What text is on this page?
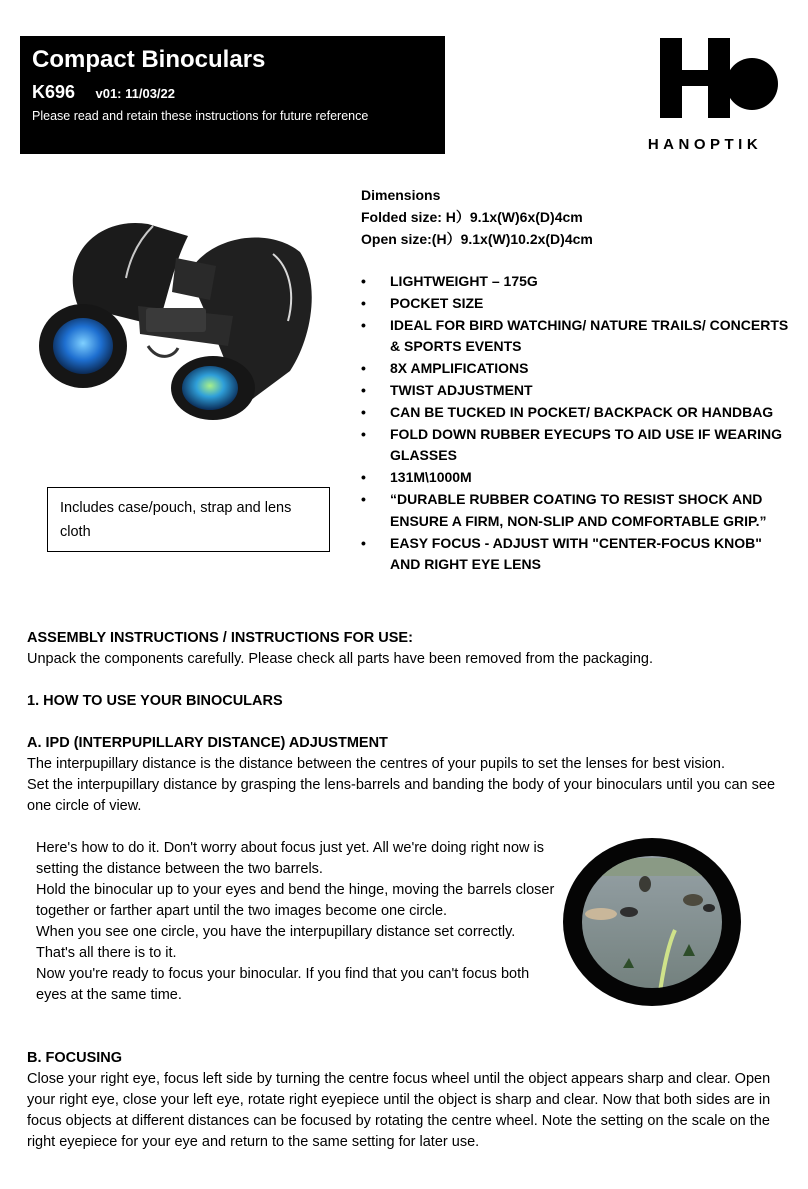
Compact Binoculars
K696 v01: 11/03/22
Please read and retain these instructions for future reference
HANOPTIK
Includes case/pouch, strap and lens cloth
Dimensions
Folded size: H）9.1x(W)6x(D)4cm
Open size:(H）9.1x(W)10.2x(D)4cm
• LIGHTWEIGHT – 175G
• POCKET SIZE
• IDEAL FOR BIRD WATCHING/ NATURE TRAILS/ CONCERTS & SPORTS EVENTS
• 8X AMPLIFICATIONS
• TWIST ADJUSTMENT
• CAN BE TUCKED IN POCKET/ BACKPACK OR HANDBAG
• FOLD DOWN RUBBER EYECUPS TO AID USE IF WEARING GLASSES
• 131M\1000M
• “DURABLE RUBBER COATING TO RESIST SHOCK AND ENSURE A FIRM, NON-SLIP AND COMFORTABLE GRIP.”
• EASY FOCUS - ADJUST WITH "CENTER-FOCUS KNOB" AND RIGHT EYE LENS
ASSEMBLY INSTRUCTIONS / INSTRUCTIONS FOR USE:
Unpack the components carefully. Please check all parts have been removed from the packaging.
1. HOW TO USE YOUR BINOCULARS
A. IPD (INTERPUPILLARY DISTANCE) ADJUSTMENT
The interpupillary distance is the distance between the centres of your pupils to set the lenses for best vision.
Set the interpupillary distance by grasping the lens-barrels and banding the body of your binoculars until you can see one circle of view.
Here's how to do it. Don't worry about focus just yet. All we're doing right now is setting the distance between the two barrels.
Hold the binocular up to your eyes and bend the hinge, moving the barrels closer together or farther apart until the two images become one circle.
When you see one circle, you have the interpupillary distance set correctly. That's all there is to it.
Now you're ready to focus your binocular. If you find that you can't focus both eyes at the same time.
B. FOCUSING
Close your right eye, focus left side by turning the centre focus wheel until the object appears sharp and clear. Open your right eye, close your left eye, rotate right eyepiece until the object is sharp and clear. Now that both sides are in focus objects at different distances can be focused by rotating the centre wheel. Note the setting on the scale on the right eyepiece for your eye and return to the same setting for later use.
